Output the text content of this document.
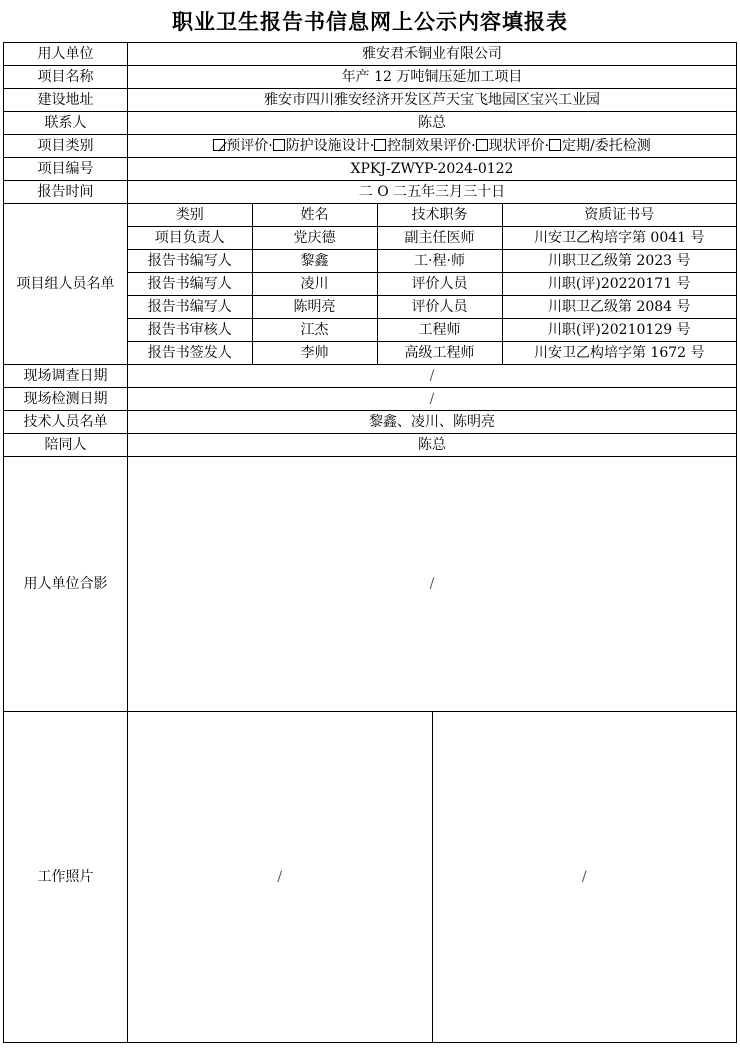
职业卫生报告书信息网上公示内容填报表
用人单位	雅安君禾铜业有限公司
项目名称	年产 12 万吨铜压延加工项目
建设地址	雅安市四川雅安经济开发区芦天宝飞地园区宝兴工业园
联系人	陈总
项目类别	预评价· 防护设施设计· 控制效果评价· 现状评价· 定期/委托检测
项目编号	XPKJ-ZWYP-2024-0122
报告时间	二 O 二五年三月三十日
项目组人员名单	
类别	姓名	技术职务	资质证书号
项目负责人	党庆德	副主任医师	川安卫乙构培字第 0041 号
报告书编写人	黎鑫	工·程·师	川职卫乙级第 2023 号
报告书编写人	凌川	评价人员	川职(评)20220171 号
报告书编写人	陈明亮	评价人员	川职卫乙级第 2084 号
报告书审核人	江杰	工程师	川职(评)20210129 号
报告书签发人	李帅	高级工程师	川安卫乙构培字第 1672 号

现场调查日期	/
现场检测日期	/
技术人员名单	黎鑫、凌川、陈明亮
陪同人	陈总
用人单位合影	/
工作照片		/	/
